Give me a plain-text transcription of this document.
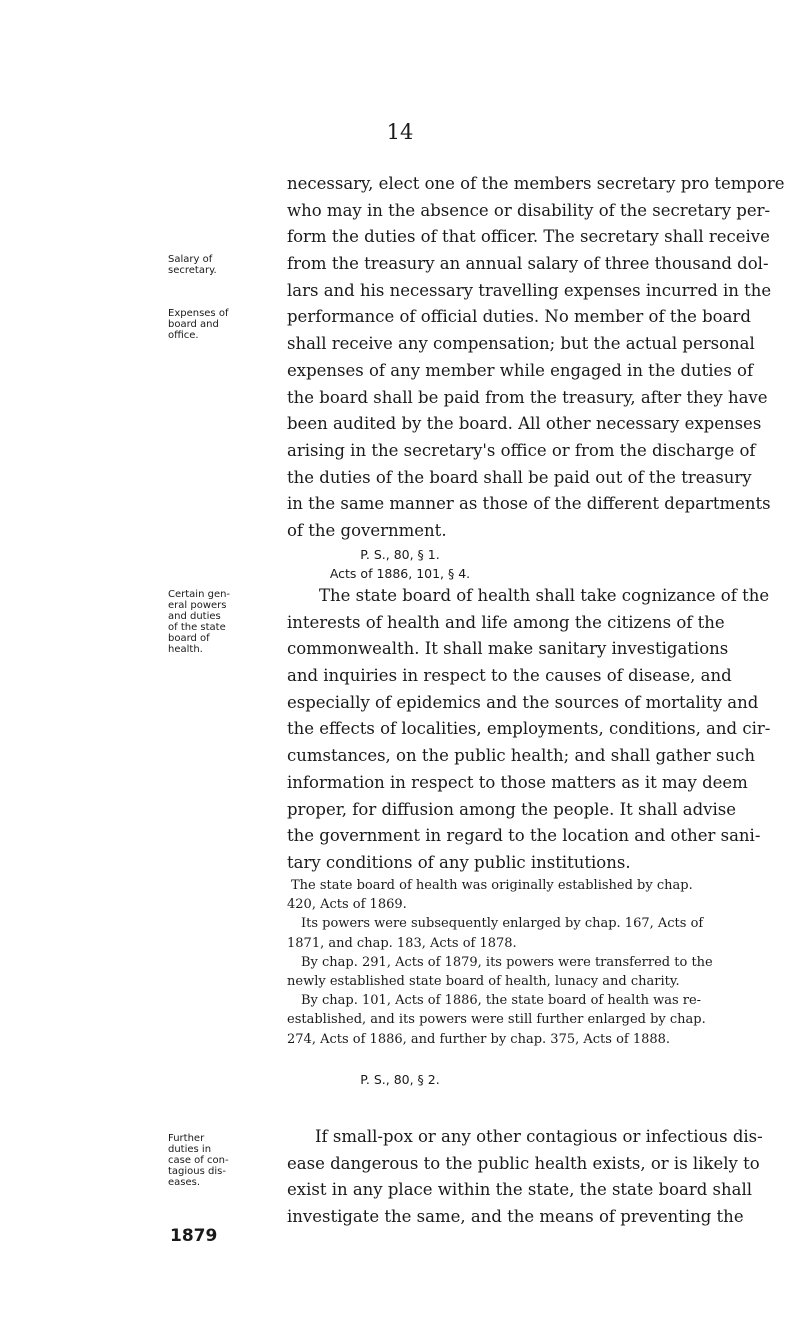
14
necessary, elect one of the members secretary pro tempore
who may in the absence or disability of the secretary per-
form the duties of that officer. The secretary shall receive
from the treasury an annual salary of three thousand dol-
lars and his necessary travelling expenses incurred in the
performance of official duties. No member of the board
shall receive any compensation; but the actual personal
expenses of any member while engaged in the duties of
the board shall be paid from the treasury, after they have
been audited by the board. All other necessary expenses
arising in the secretary's office or from the discharge of
the duties of the board shall be paid out of the treasury
in the same manner as those of the different departments
of the government.
Salary of
secretary.
Expenses of
board and
office.
P. S., 80, § 1.
Acts of 1886, 101, § 4.
Certain gen-
eral powers
and duties
of the state
board of
health.
The state board of health shall take cognizance of the
interests of health and life among the citizens of the
commonwealth. It shall make sanitary investigations
and inquiries in respect to the causes of disease, and
especially of epidemics and the sources of mortality and
the effects of localities, employments, conditions, and cir-
cumstances, on the public health; and shall gather such
information in respect to those matters as it may deem
proper, for diffusion among the people. It shall advise
the government in regard to the location and other sani-
tary conditions of any public institutions.
The state board of health was originally established by chap.
420, Acts of 1869.
Its powers were subsequently enlarged by chap. 167, Acts of
1871, and chap. 183, Acts of 1878.
By chap. 291, Acts of 1879, its powers were transferred to the
newly established state board of health, lunacy and charity.
By chap. 101, Acts of 1886, the state board of health was re-
established, and its powers were still further enlarged by chap.
274, Acts of 1886, and further by chap. 375, Acts of 1888.
P. S., 80, § 2.
Further
duties in
case of con-
tagious dis-
eases.
If small-pox or any other contagious or infectious dis-
ease dangerous to the public health exists, or is likely to
exist in any place within the state, the state board shall
investigate the same, and the means of preventing the
1879
